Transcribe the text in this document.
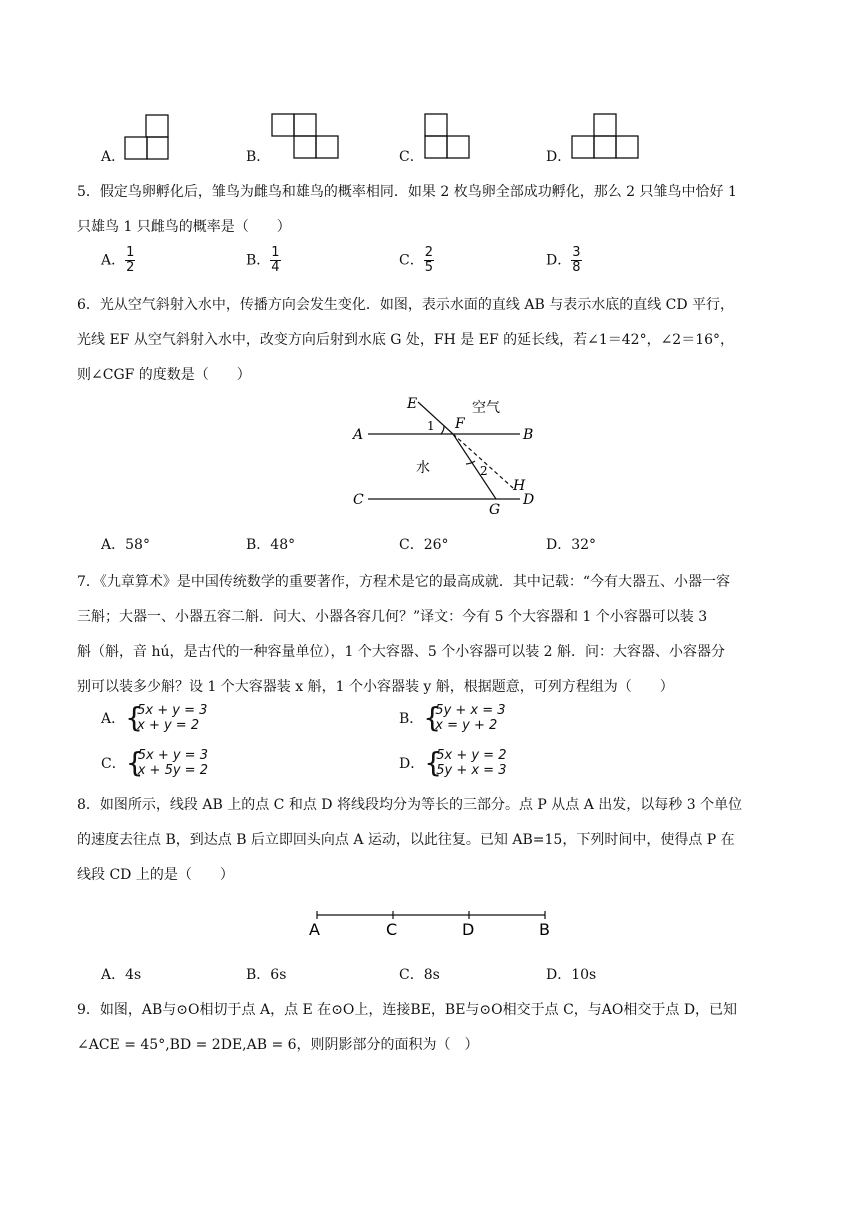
A．	B．	C．	D．
5．假定鸟卵孵化后，雏鸟为雌鸟和雄鸟的概率相同．如果 2 枚鸟卵全部成功孵化，那么 2 只雏鸟中恰好 1
只雄鸟 1 只雌鸟的概率是（　　）
A． $\frac{1}{2}$	B． $\frac{1}{4}$	C． $\frac{2}{5}$	D． $\frac{3}{8}$
6．光从空气斜射入水中，传播方向会发生变化．如图，表示水面的直线 AB 与表示水底的直线 CD 平行，
光线 EF 从空气斜射入水中，改变方向后射到水底 G 处，FH 是 EF 的延长线，若∠1＝42°，∠2＝16°，
则∠CGF 的度数是（　　）
E
F
A	B
C	D
G
H
1
2
空气
水
A．58°	B．48°	C．26°	D．32°
7．《九章算术》是中国传统数学的重要著作，方程术是它的最高成就．其中记载：“今有大器五、小器一容
三斛；大器一、小器五容二斛．问大、小器各容几何？”译文：今有 5 个大容器和 1 个小容器可以装 3
斛（斛，音 hú，是古代的一种容量单位），1 个大容器、5 个小容器可以装 2 斛．问：大容器、小容器分
别可以装多少斛？设 1 个大容器装 x 斛，1 个小容器装 y 斛，根据题意，可列方程组为（　　）
A． {
5x + y = 3
x + y = 2	B． {
5y + x = 3
x = y + 2
C． {
5x + y = 3
x + 5y = 2	D． {
5x + y = 2
5y + x = 3
8．如图所示，线段 AB 上的点 C 和点 D 将线段均分为等长的三部分。点 P 从点 A 出发，以每秒 3 个单位
的速度去往点 B，到达点 B 后立即回头向点 A 运动，以此往复。已知 AB=15，下列时间中，使得点 P 在
线段 CD 上的是（　　）
A	C	D	B
A．4s	B．6s	C．8s	D．10s
9．如图，AB与⊙O相切于点 A，点 E 在⊙O上，连接BE，BE与⊙O相交于点 C，与AO相交于点 D，已知
∠ACE = 45°,BD = 2DE,AB = 6，则阴影部分的面积为（　）
